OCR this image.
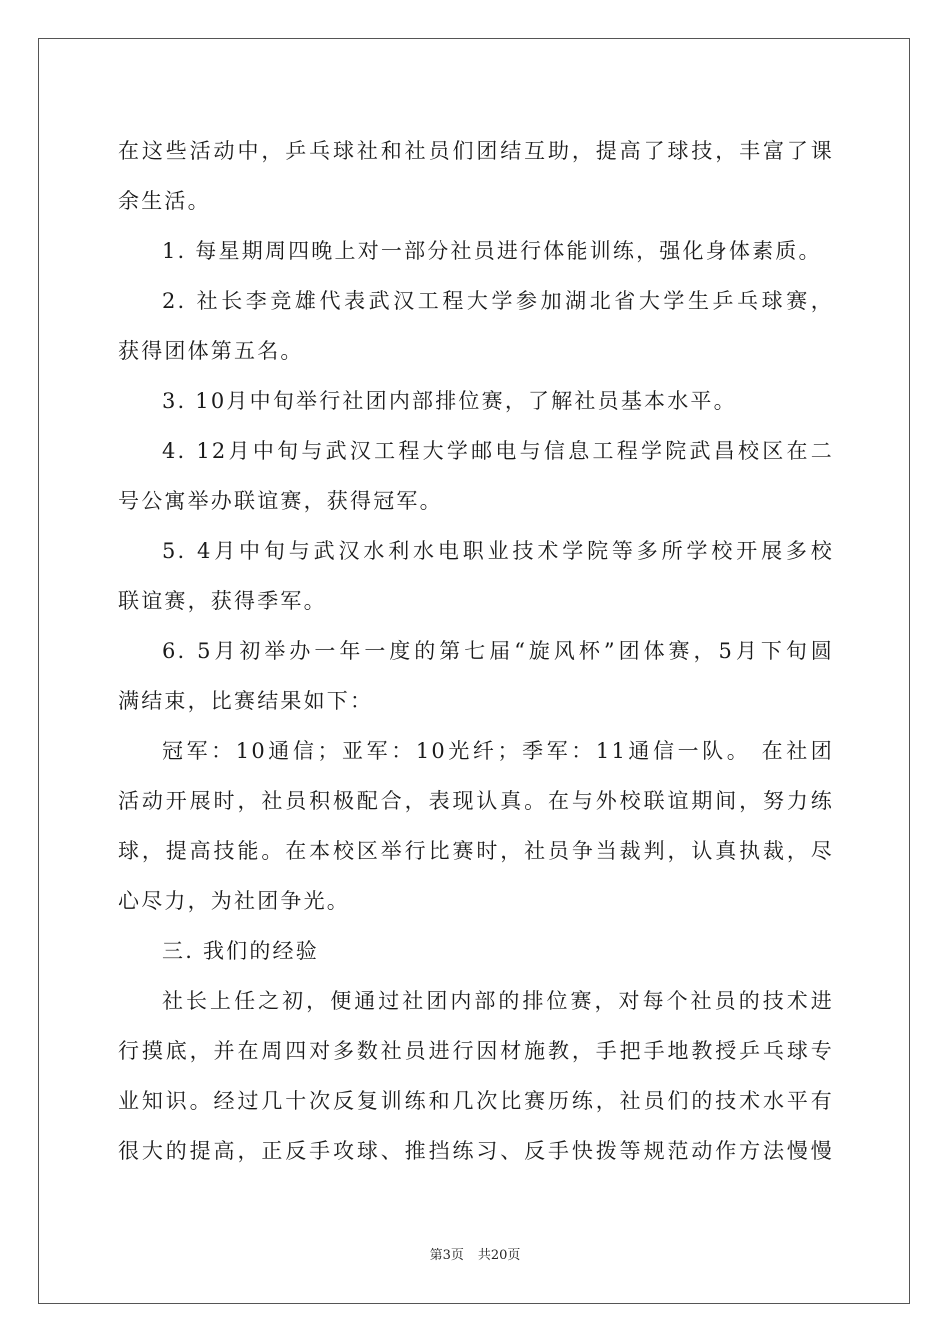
在这些活动中，乒乓球社和社员们团结互助，提高了球技，丰富了课
余生活。
1. 每星期周四晚上对一部分社员进行体能训练，强化身体素质。
2. 社长李竞雄代表武汉工程大学参加湖北省大学生乒乓球赛，
获得团体第五名。
3. 10月中旬举行社团内部排位赛，了解社员基本水平。
4. 12月中旬与武汉工程大学邮电与信息工程学院武昌校区在二
号公寓举办联谊赛，获得冠军。
5. 4月中旬与武汉水利水电职业技术学院等多所学校开展多校
联谊赛，获得季军。
6. 5月初举办一年一度的第七届“旋风杯”团体赛，5月下旬圆
满结束，比赛结果如下：
冠军：10通信；亚军：10光纤；季军：11通信一队。 在社团
活动开展时，社员积极配合，表现认真。在与外校联谊期间，努力练
球，提高技能。在本校区举行比赛时，社员争当裁判，认真执裁，尽
心尽力，为社团争光。
三. 我们的经验
社长上任之初，便通过社团内部的排位赛，对每个社员的技术进
行摸底，并在周四对多数社员进行因材施教，手把手地教授乒乓球专
业知识。经过几十次反复训练和几次比赛历练，社员们的技术水平有
很大的提高，正反手攻球、推挡练习、反手快拨等规范动作方法慢慢
第3页 共20页
